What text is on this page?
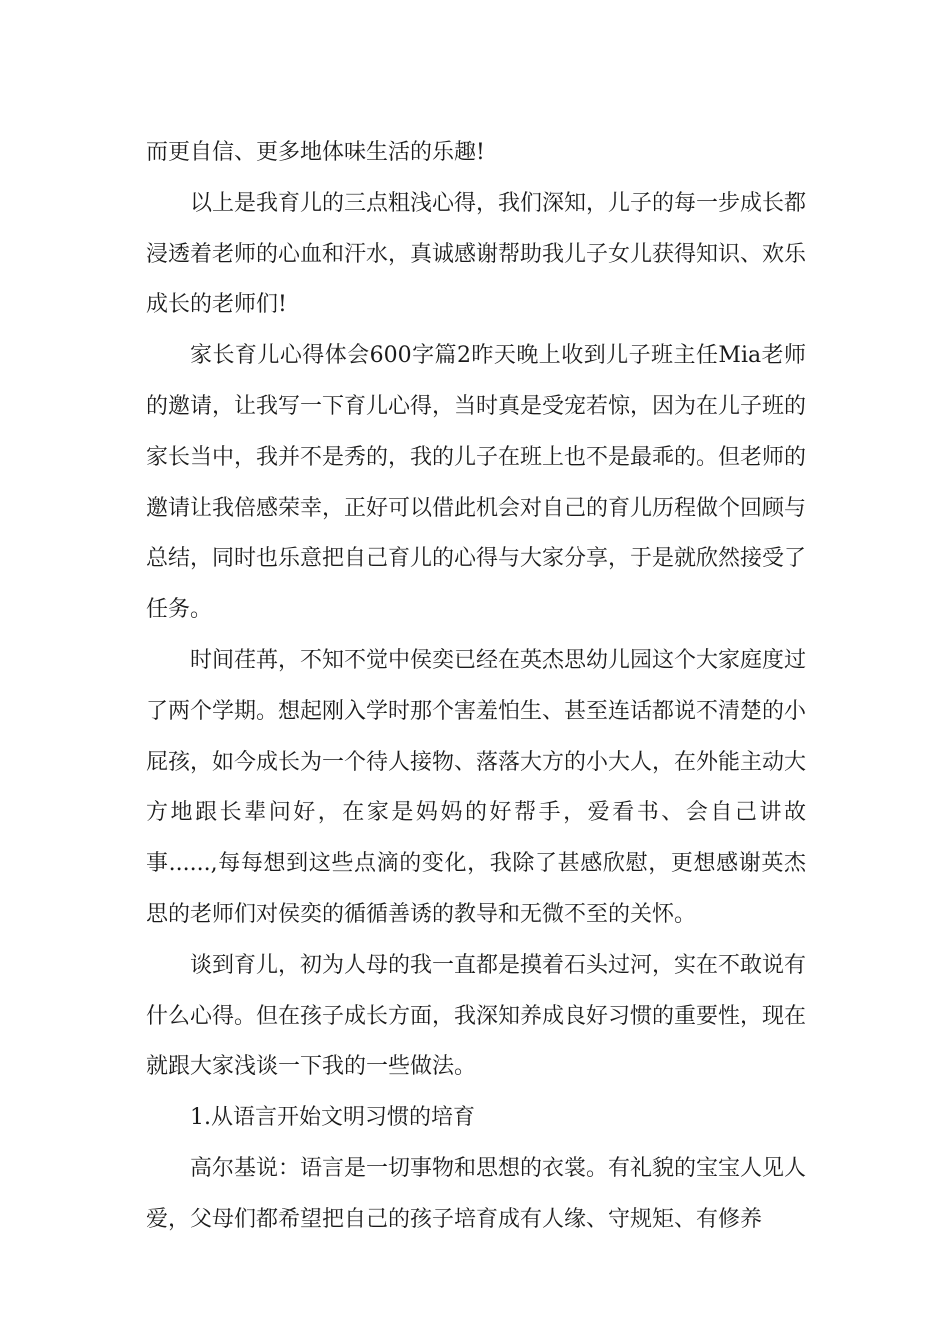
而更自信、更多地体味生活的乐趣!

以上是我育儿的三点粗浅心得，我们深知，儿子的每一步成长都浸透着老师的心血和汗水，真诚感谢帮助我儿子女儿获得知识、欢乐成长的老师们!

家长育儿心得体会600字篇2昨天晚上收到儿子班主任Mia老师的邀请，让我写一下育儿心得，当时真是受宠若惊，因为在儿子班的家长当中，我并不是秀的，我的儿子在班上也不是最乖的。但老师的邀请让我倍感荣幸，正好可以借此机会对自己的育儿历程做个回顾与总结，同时也乐意把自己育儿的心得与大家分享，于是就欣然接受了任务。

时间荏苒，不知不觉中侯奕已经在英杰思幼儿园这个大家庭度过了两个学期。想起刚入学时那个害羞怕生、甚至连话都说不清楚的小屁孩，如今成长为一个待人接物、落落大方的小大人，在外能主动大方地跟长辈问好，在家是妈妈的好帮手，爱看书、会自己讲故事......,每每想到这些点滴的变化，我除了甚感欣慰，更想感谢英杰思的老师们对侯奕的循循善诱的教导和无微不至的关怀。

谈到育儿，初为人母的我一直都是摸着石头过河，实在不敢说有什么心得。但在孩子成长方面，我深知养成良好习惯的重要性，现在就跟大家浅谈一下我的一些做法。

1.从语言开始文明习惯的培育

高尔基说：语言是一切事物和思想的衣裳。有礼貌的宝宝人见人爱，父母们都希望把自己的孩子培育成有人缘、守规矩、有修养
